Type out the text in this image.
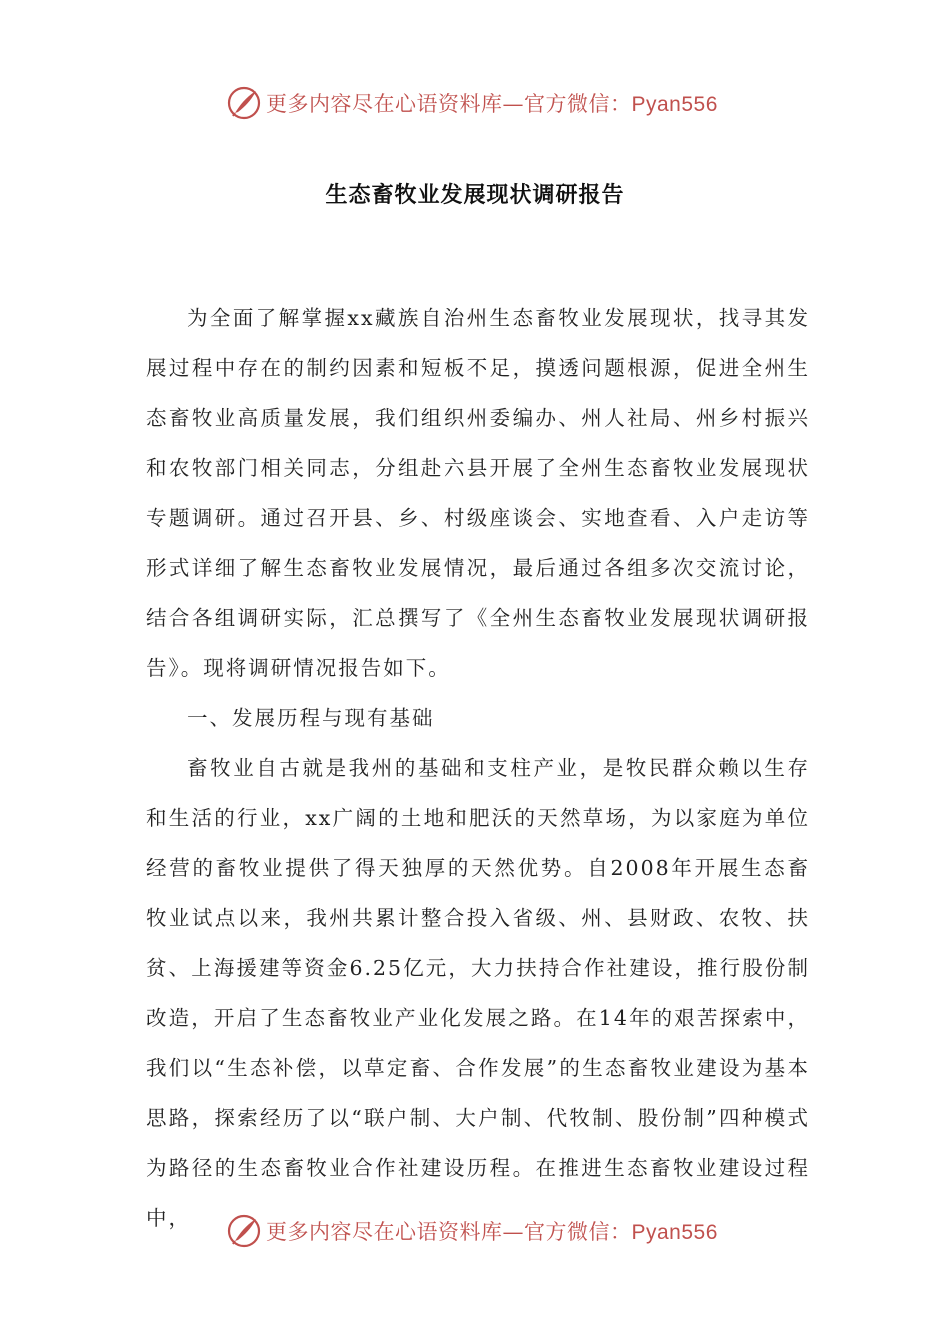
更多内容尽在心语资料库—官方微信：Pyan556
生态畜牧业发展现状调研报告

为全面了解掌握xx藏族自治州生态畜牧业发展现状，找寻其发展过程中存在的制约因素和短板不足，摸透问题根源，促进全州生态畜牧业高质量发展，我们组织州委编办、州人社局、州乡村振兴和农牧部门相关同志，分组赴六县开展了全州生态畜牧业发展现状专题调研。通过召开县、乡、村级座谈会、实地查看、入户走访等形式详细了解生态畜牧业发展情况，最后通过各组多次交流讨论，结合各组调研实际，汇总撰写了《全州生态畜牧业发展现状调研报告》。现将调研情况报告如下。

一、发展历程与现有基础

畜牧业自古就是我州的基础和支柱产业，是牧民群众赖以生存和生活的行业，xx广阔的土地和肥沃的天然草场，为以家庭为单位经营的畜牧业提供了得天独厚的天然优势。自2008年开展生态畜牧业试点以来，我州共累计整合投入省级、州、县财政、农牧、扶贫、上海援建等资金6.25亿元，大力扶持合作社建设，推行股份制改造，开启了生态畜牧业产业化发展之路。在14年的艰苦探索中，我们以“生态补偿，以草定畜、合作发展”的生态畜牧业建设为基本思路，探索经历了以“联户制、大户制、代牧制、股份制”四种模式为路径的生态畜牧业合作社建设历程。在推进生态畜牧业建设过程中，

更多内容尽在心语资料库—官方微信：Pyan556
